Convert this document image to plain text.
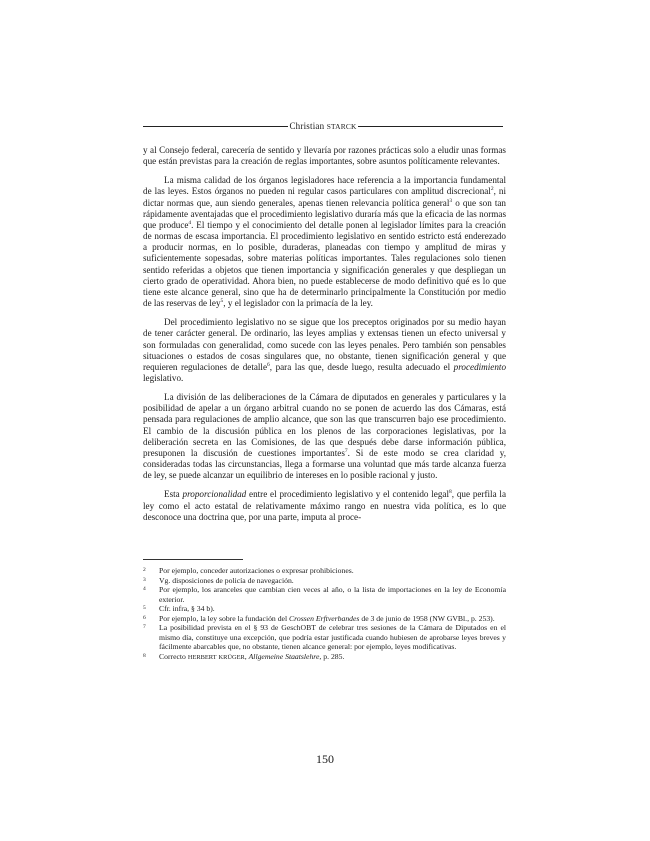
Christian STARCK

y al Consejo federal, carecería de sentido y llevaría por razones prácticas solo a eludir unas formas que están previstas para la creación de reglas importantes, sobre asuntos políticamente relevantes.

La misma calidad de los órganos legisladores hace referencia a la importancia fundamental de las leyes. Estos órganos no pueden ni regular casos particulares con amplitud discrecional$^2$, ni dictar normas que, aun siendo generales, apenas tienen relevancia política general$^3$ o que son tan rápidamente aventajadas que el procedimiento legislativo duraría más que la eficacia de las normas que produce$^4$. El tiempo y el conocimiento del detalle ponen al legislador límites para la creación de normas de escasa importancia. El procedimiento legislativo en sentido estricto está enderezado a producir normas, en lo posible, duraderas, planeadas con tiempo y amplitud de miras y suficientemente sopesadas, sobre materias políticas importantes. Tales regulaciones solo tienen sentido referidas a objetos que tienen importancia y significación generales y que despliegan un cierto grado de operatividad. Ahora bien, no puede establecerse de modo definitivo qué es lo que tiene este alcance general, sino que ha de determinarlo principalmente la Constitución por medio de las reservas de ley$^5$, y el legislador con la primacía de la ley.

Del procedimiento legislativo no se sigue que los preceptos originados por su medio hayan de tener carácter general. De ordinario, las leyes amplias y extensas tienen un efecto universal y son formuladas con generalidad, como sucede con las leyes penales. Pero también son pensables situaciones o estados de cosas singulares que, no obstante, tienen significación general y que requieren regulaciones de detalle$^6$, para las que, desde luego, resulta adecuado el procedimiento legislativo.

La división de las deliberaciones de la Cámara de diputados en generales y particulares y la posibilidad de apelar a un órgano arbitral cuando no se ponen de acuerdo las dos Cámaras, está pensada para regulaciones de amplio alcance, que son las que transcurren bajo ese procedimiento. El cambio de la discusión pública en los plenos de las corporaciones legislativas, por la deliberación secreta en las Comisiones, de las que después debe darse información pública, presuponen la discusión de cuestiones importantes$^7$. Si de este modo se crea claridad y, consideradas todas las circunstancias, llega a formarse una voluntad que más tarde alcanza fuerza de ley, se puede alcanzar un equilibrio de intereses en lo posible racional y justo.

Esta proporcionalidad entre el procedimiento legislativo y el contenido legal$^8$, que perfila la ley como el acto estatal de relativamente máximo rango en nuestra vida política, es lo que desconoce una doctrina que, por una parte, imputa al proce-

2	Por ejemplo, conceder autorizaciones o expresar prohibiciones.
3	Vg. disposiciones de policía de navegación.
4	Por ejemplo, los aranceles que cambian cien veces al año, o la lista de importaciones en la ley de Economía exterior.
5	Cfr. infra, § 34 b).
6	Por ejemplo, la ley sobre la fundación del Crossen Erftverbandes de 3 de junio de 1958 (NW GVBl., p. 253).
7	La posibilidad prevista en el § 93 de GeschOBT de celebrar tres sesiones de la Cámara de Diputados en el mismo día, constituye una excepción, que podría estar justificada cuando hubiesen de aprobarse leyes breves y fácilmente abarcables que, no obstante, tienen alcance general: por ejemplo, leyes modificativas.
8	Correcto HERBERT KRÜGER, Allgemeine Staatslehre, p. 285.
150
